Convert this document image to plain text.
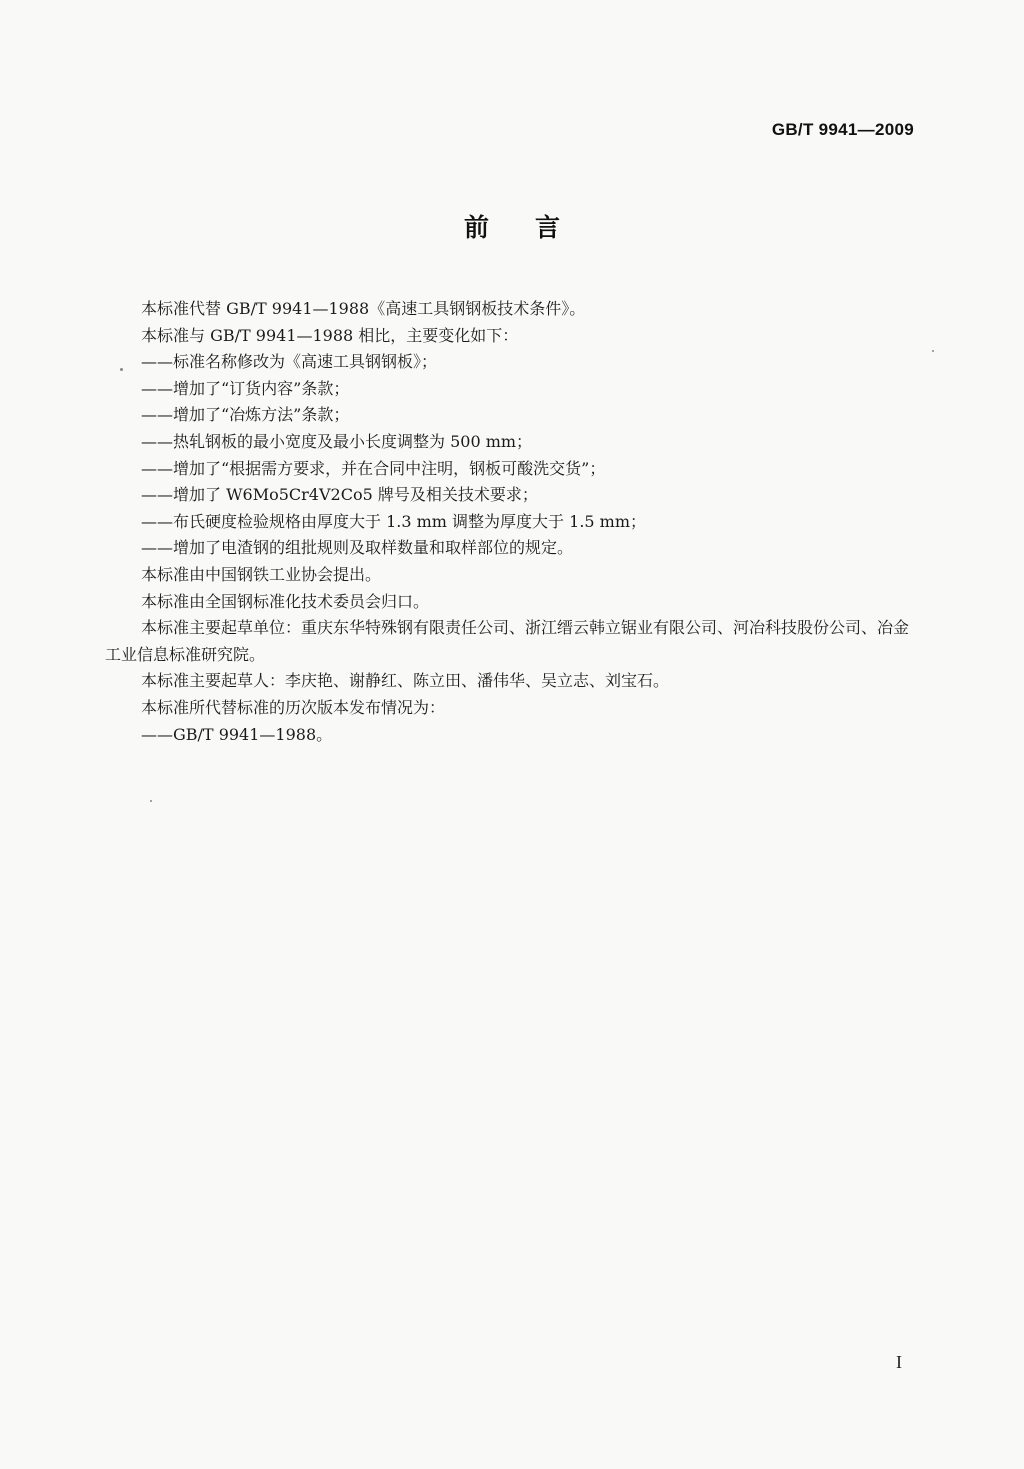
GB/T 9941—2009
前言

本标准代替 GB/T 9941—1988《高速工具钢钢板技术条件》。

本标准与 GB/T 9941—1988 相比，主要变化如下：

——标准名称修改为《高速工具钢钢板》；

——增加了“订货内容”条款；

——增加了“冶炼方法”条款；

——热轧钢板的最小宽度及最小长度调整为 500 mm；

——增加了“根据需方要求，并在合同中注明，钢板可酸洗交货”；

——增加了 W6Mo5Cr4V2Co5 牌号及相关技术要求；

——布氏硬度检验规格由厚度大于 1.3 mm 调整为厚度大于 1.5 mm；

——增加了电渣钢的组批规则及取样数量和取样部位的规定。

本标准由中国钢铁工业协会提出。

本标准由全国钢标准化技术委员会归口。

本标准主要起草单位：重庆东华特殊钢有限责任公司、浙江缙云韩立锯业有限公司、河冶科技股份公司、冶金工业信息标准研究院。

本标准主要起草人：李庆艳、谢静红、陈立田、潘伟华、吴立志、刘宝石。

本标准所代替标准的历次版本发布情况为：

——GB/T 9941—1988。

I
